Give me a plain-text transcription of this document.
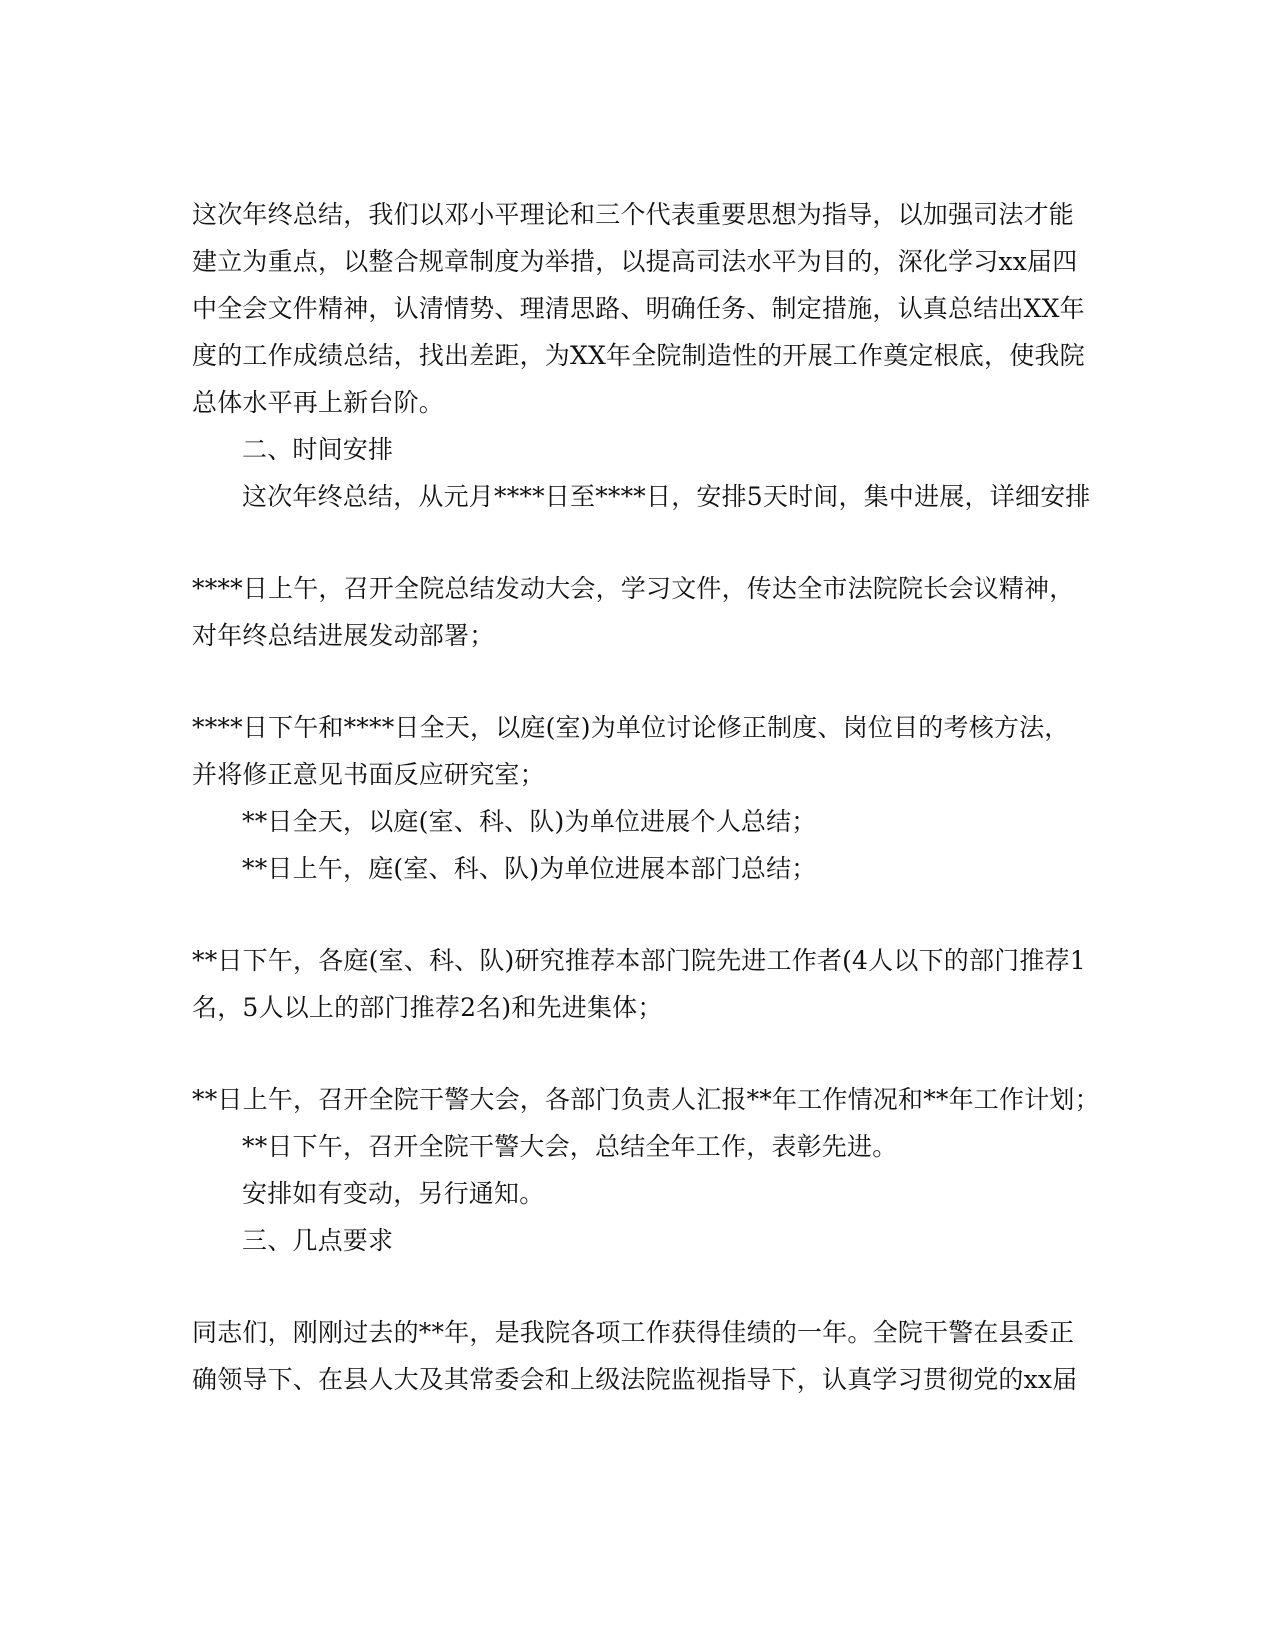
这次年终总结，我们以邓小平理论和三个代表重要思想为指导，以加强司法才能
建立为重点，以整合规章制度为举措，以提高司法水平为目的，深化学习xx届四
中全会文件精神，认清情势、理清思路、明确任务、制定措施，认真总结出XX年
度的工作成绩总结，找出差距，为XX年全院制造性的开展工作奠定根底，使我院
总体水平再上新台阶。
二、时间安排
这次年终总结，从元月****日至****日，安排5天时间，集中进展，详细安排
****日上午，召开全院总结发动大会，学习文件，传达全市法院院长会议精神，
对年终总结进展发动部署；
****日下午和****日全天，以庭(室)为单位讨论修正制度、岗位目的考核方法，
并将修正意见书面反应研究室；
**日全天，以庭(室、科、队)为单位进展个人总结；
**日上午，庭(室、科、队)为单位进展本部门总结；
**日下午，各庭(室、科、队)研究推荐本部门院先进工作者(4人以下的部门推荐1
名，5人以上的部门推荐2名)和先进集体；
**日上午，召开全院干警大会，各部门负责人汇报**年工作情况和**年工作计划；
**日下午，召开全院干警大会，总结全年工作，表彰先进。
安排如有变动，另行通知。
三、几点要求
同志们，刚刚过去的**年，是我院各项工作获得佳绩的一年。全院干警在县委正
确领导下、在县人大及其常委会和上级法院监视指导下，认真学习贯彻党的xx届
